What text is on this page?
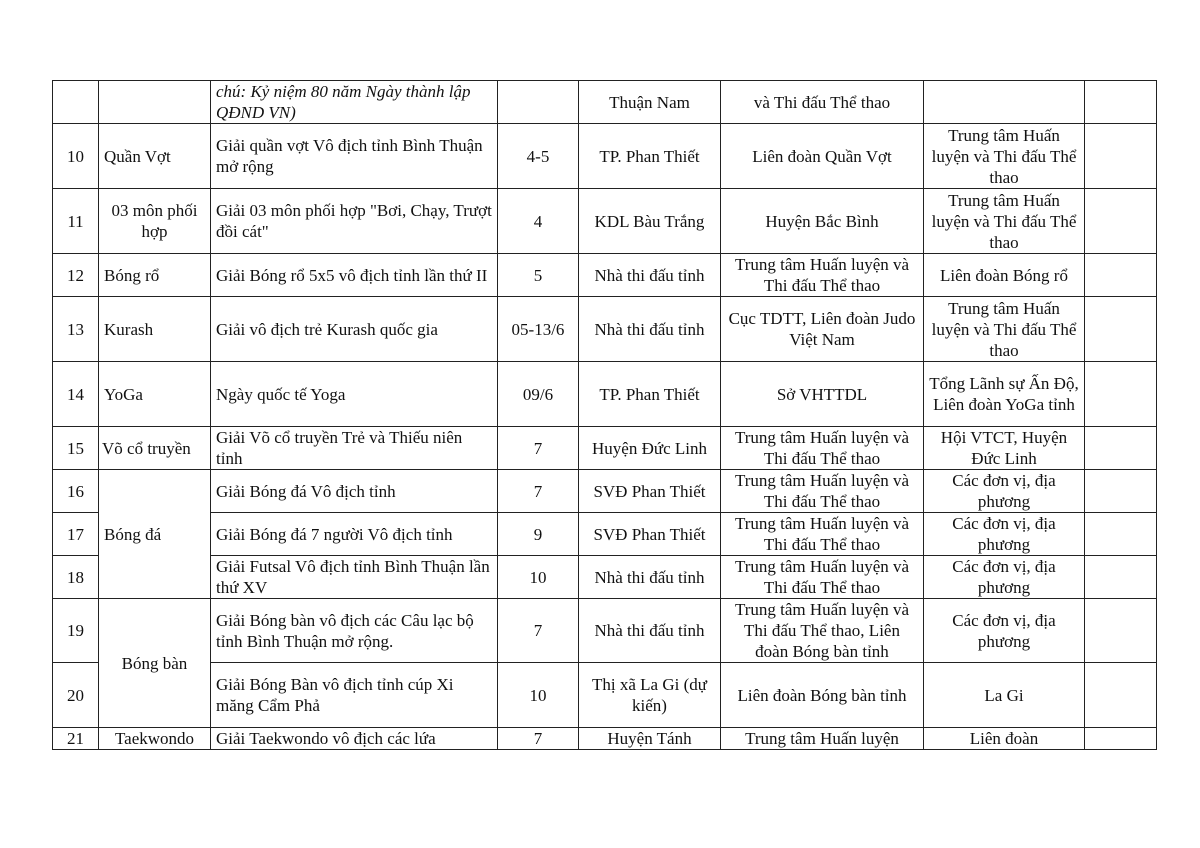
		chú: Kỷ niệm 80 năm Ngày thành lập QĐND VN)		Thuận Nam	và Thi đấu Thể thao		
10	Quần Vợt	Giải quần vợt Vô địch tỉnh Bình Thuận mở rộng	4-5	TP. Phan Thiết	Liên đoàn Quần Vợt	Trung tâm Huấn luyện và Thi đấu Thể thao	
11	03 môn phối hợp	Giải 03 môn phối hợp "Bơi, Chạy, Trượt đồi cát"	4	KDL Bàu Trắng	Huyện Bắc Bình	Trung tâm Huấn luyện và Thi đấu Thể thao	
12	Bóng rổ	Giải Bóng rổ 5x5 vô địch tỉnh lần thứ II	5	Nhà thi đấu tỉnh	Trung tâm Huấn luyện và Thi đấu Thể thao	Liên đoàn Bóng rổ	
13	Kurash	Giải vô địch trẻ Kurash quốc gia	05-13/6	Nhà thi đấu tỉnh	Cục TDTT, Liên đoàn Judo Việt Nam	Trung tâm Huấn luyện và Thi đấu Thể thao	
14	YoGa	Ngày quốc tế Yoga	09/6	TP. Phan Thiết	Sở VHTTDL	Tổng Lãnh sự Ấn Độ, Liên đoàn YoGa tỉnh	
15	Võ cổ truyền	Giải Võ cổ truyền Trẻ và Thiếu niên tỉnh	7	Huyện Đức Linh	Trung tâm Huấn luyện và Thi đấu Thể thao	Hội VTCT, Huyện Đức Linh	
16	Bóng đá	Giải Bóng đá Vô địch tỉnh	7	SVĐ Phan Thiết	Trung tâm Huấn luyện và Thi đấu Thể thao	Các đơn vị, địa phương	
17		Giải Bóng đá 7 người Vô địch tỉnh	9	SVĐ Phan Thiết	Trung tâm Huấn luyện và Thi đấu Thể thao	Các đơn vị, địa phương	
18		Giải Futsal Vô địch tỉnh Bình Thuận lần thứ XV	10	Nhà thi đấu tỉnh	Trung tâm Huấn luyện và Thi đấu Thể thao	Các đơn vị, địa phương	
19	Bóng bàn	Giải Bóng bàn vô địch các Câu lạc bộ tỉnh Bình Thuận mở rộng.	7	Nhà thi đấu tỉnh	Trung tâm Huấn luyện và Thi đấu Thể thao, Liên đoàn Bóng bàn tỉnh	Các đơn vị, địa phương	
20		Giải Bóng Bàn vô địch tỉnh cúp Xi măng Cẩm Phả	10	Thị xã La Gi (dự kiến)	Liên đoàn Bóng bàn tỉnh	La Gi	
21	Taekwondo	Giải Taekwondo vô địch các lứa	7	Huyện Tánh	Trung tâm Huấn luyện	Liên đoàn	
